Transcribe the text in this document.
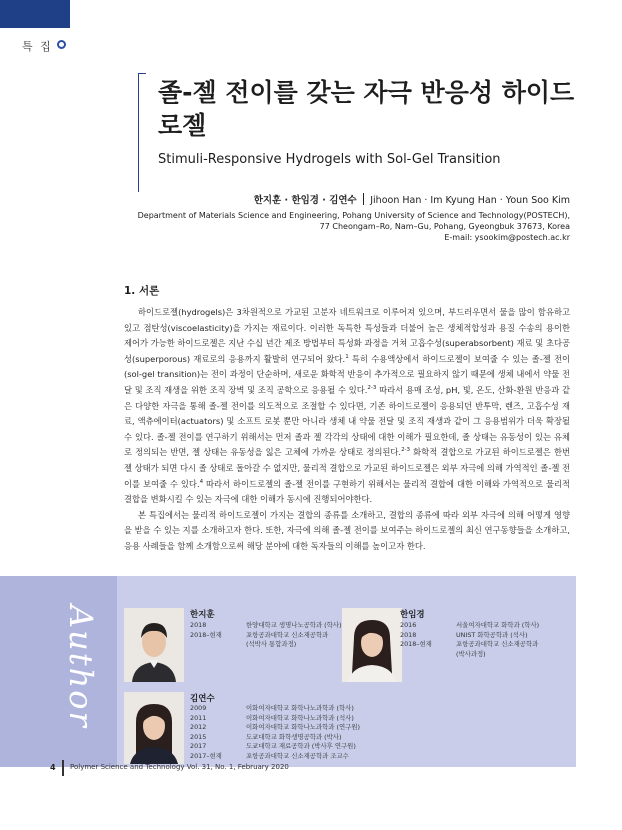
특 집
졸-젤 전이를 갖는 자극 반응성 하이드로젤
Stimuli-Responsive Hydrogels with Sol-Gel Transition
한지훈 · 한임경 · 김연수 Jihoon Han · Im Kyung Han · Youn Soo Kim
Department of Materials Science and Engineering, Pohang University of Science and Technology(POSTECH),
77 Cheongam–Ro, Nam–Gu, Pohang, Gyeongbuk 37673, Korea
E-mail: ysookim@postech.ac.kr
1. 서론

하이드로젤(hydrogels)은 3차원적으로 가교된 고분자 네트워크로 이루어져 있으며, 부드러우면서 물을 많이 함유하고 있고 점탄성(viscoelasticity)을 가지는 재료이다. 이러한 독특한 특성들과 더불어 높은 생체적합성과 용질 수송의 용이한 제어가 가능한 하이드로젤은 지난 수십 년간 제조 방법부터 특성화 과정을 거쳐 고흡수성(superabsorbent) 재료 및 초다공성(superporous) 재료로의 응용까지 활발히 연구되어 왔다.$^1$ 특히 수용액상에서 하이드로젤이 보여줄 수 있는 졸-젤 전이(sol-gel transition)는 전이 과정이 단순하며, 새로운 화학적 반응이 추가적으로 필요하지 않기 때문에 생체 내에서 약물 전달 및 조직 재생을 위한 조직 장벽 및 조직 공학으로 응용될 수 있다.$^{2-3}$ 따라서 용매 조성, pH, 빛, 온도, 산화-환원 반응과 같은 다양한 자극을 통해 졸-젤 전이를 의도적으로 조절할 수 있다면, 기존 하이드로젤이 응용되던 반투막, 렌즈, 고흡수성 재료, 액츄에이터(actuators) 및 소프트 로봇 뿐만 아니라 생체 내 약물 전달 및 조직 재생과 같이 그 응용범위가 더욱 확장될 수 있다. 졸-젤 전이를 연구하기 위해서는 먼저 졸과 젤 각각의 상태에 대한 이해가 필요한데, 졸 상태는 유동성이 있는 유체로 정의되는 반면, 젤 상태는 유동성을 잃은 고체에 가까운 상태로 정의된다.$^{2-3}$ 화학적 결합으로 가교된 하이드로젤은 한번 젤 상태가 되면 다시 졸 상태로 돌아갈 수 없지만, 물리적 결합으로 가교된 하이드로젤은 외부 자극에 의해 가역적인 졸-젤 전이를 보여줄 수 있다.$^4$ 따라서 하이드로젤의 졸-젤 전이를 구현하기 위해서는 물리적 결합에 대한 이해와 가역적으로 물리적 결합을 변화시킬 수 있는 자극에 대한 이해가 동시에 진행되어야한다.

본 특집에서는 물리적 하이드로젤이 가지는 결합의 종류를 소개하고, 결합의 종류에 따라 외부 자극에 의해 어떻게 영향을 받을 수 있는 지를 소개하고자 한다. 또한, 자극에 의해 졸-젤 전이를 보여주는 하이드로젤의 최신 연구동향들을 소개하고, 응용 사례들을 함께 소개함으로써 해당 분야에 대한 독자들의 이해를 높이고자 한다.

Author	한지훈
2018	한양대학교 생명나노공학과 (학사)
2018–현재	포항공과대학교 신소재공학과
(석박사 통합과정)
한임경
2016	서울여자대학교 화학과 (학사)
2018	UNIST 화학공학과 (석사)
2018–현재	포항공과대학교 신소재공학과
(박사과정)
김연수
2009	이화여자대학교 화학나노과학과 (학사)
2011	이화여자대학교 화학나노과학과 (석사)
2012	이화여자대학교 화학나노과학과 (연구원)
2015	도쿄대학교 화학생명공학과 (박사)
2017	도쿄대학교 재료공학과 (박사후 연구원)
2017–현재	포항공과대학교 신소재공학과 조교수
4 Polymer Science and Technology Vol. 31, No. 1, February 2020
